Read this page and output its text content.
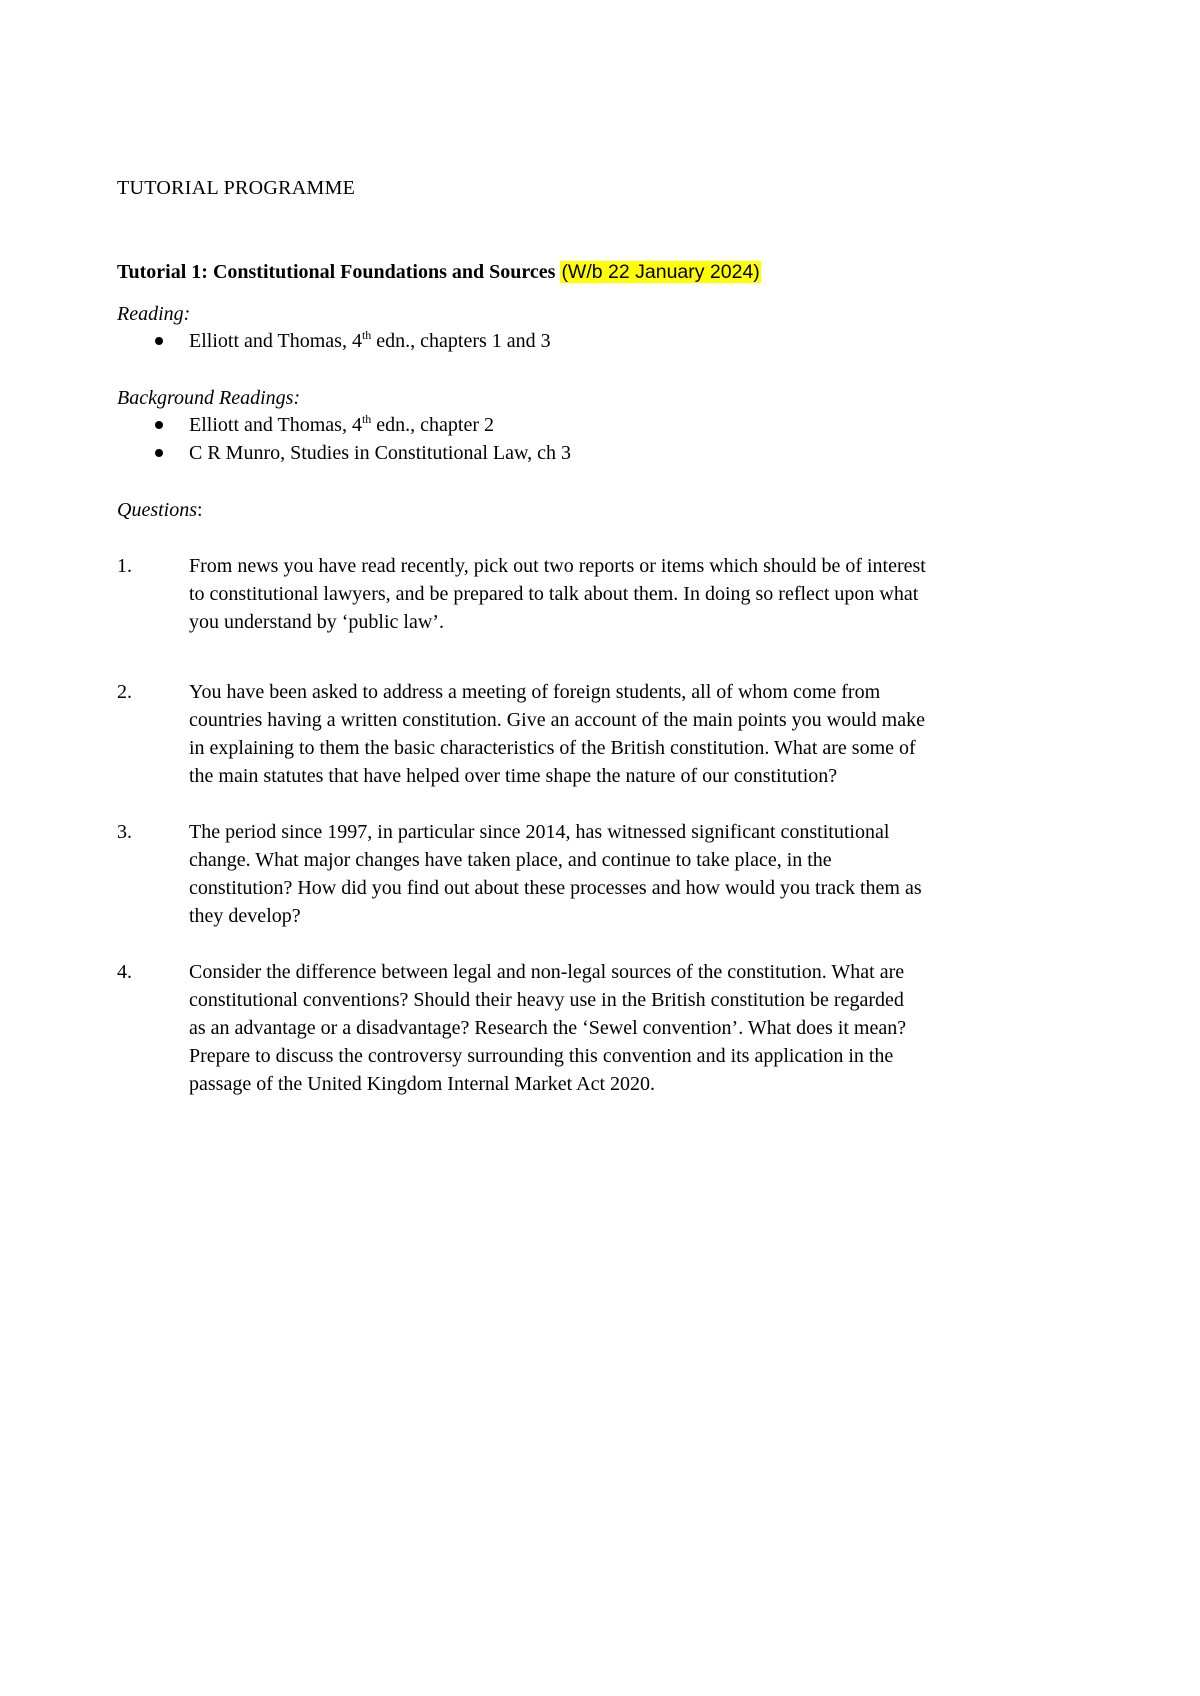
TUTORIAL PROGRAMME
Tutorial 1: Constitutional Foundations and Sources (W/b 22 January 2024)
Reading:
Elliott and Thomas, 4th edn., chapters 1 and 3
Background Readings:
Elliott and Thomas, 4th edn., chapter 2
C R Munro, Studies in Constitutional Law, ch 3
Questions:
1.	From news you have read recently, pick out two reports or items which should be of interest
to constitutional lawyers, and be prepared to talk about them. In doing so reflect upon what
you understand by ‘public law’.
2.	You have been asked to address a meeting of foreign students, all of whom come from
countries having a written constitution. Give an account of the main points you would make
in explaining to them the basic characteristics of the British constitution. What are some of
the main statutes that have helped over time shape the nature of our constitution?
3.	The period since 1997, in particular since 2014, has witnessed significant constitutional
change. What major changes have taken place, and continue to take place, in the
constitution? How did you find out about these processes and how would you track them as
they develop?
4.	Consider the difference between legal and non-legal sources of the constitution. What are
constitutional conventions? Should their heavy use in the British constitution be regarded
as an advantage or a disadvantage? Research the ‘Sewel convention’. What does it mean?
Prepare to discuss the controversy surrounding this convention and its application in the
passage of the United Kingdom Internal Market Act 2020.
